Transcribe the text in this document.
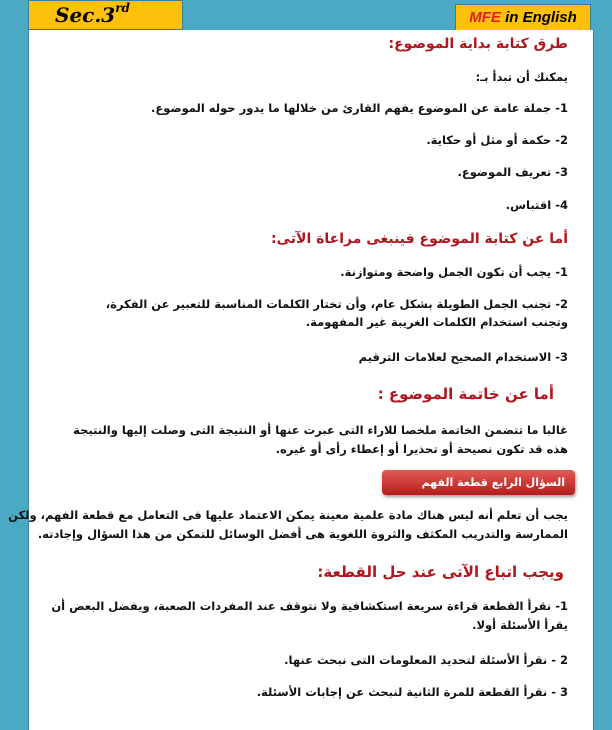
Sec.3rd
MFE in English
طرق كتابة بداية الموضوع:
يمكنك أن تبدأ بـ:
1- جملة عامة عن الموضوع يفهم القارئ من خلالها ما يدور حوله الموضوع.
2- حكمة أو مثل أو حكاية.
3- تعريف الموضوع.
4- اقتباس.
أما عن كتابة الموضوع فينبغى مراعاة الآتى:
1- يجب أن تكون الجمل واضحة ومتوازنة.
2- تجنب الجمل الطويلة بشكل عام، وأن تختار الكلمات المناسبة للتعبير عن الفكرة،
وتجنب استخدام الكلمات الغريبة غير المفهومة.
3- الاستخدام الصحيح لعلامات الترقيم
أما عن خاتمة الموضوع :
غالبا ما تتضمن الخاتمة ملخصا للاراء التى عبرت عنها أو النتيجة التى وصلت إليها والنتيجة
هذه قد تكون نصيحة أو تحذيرا أو إعطاء رأى أو غيره.
السؤال الرابع قطعة الفهم
يجب أن تعلم أنه ليس هناك مادة علمية معينة يمكن الاعتماد عليها فى التعامل مع قطعة الفهم، ولكن
الممارسة والتدريب المكثف والثروة اللغوية هى أفضل الوسائل للتمكن من هذا السؤال وإجادته.
ويجب اتباع الآتى عند حل القطعة:
1- نقرأ القطعة قراءة سريعة استكشافية ولا نتوقف عند المفردات الصعبة، ويفضل البعض أن
يقرأ الأسئلة أولا.
2 - نقرأ الأسئلة لتحديد المعلومات التى نبحث عنها.
3 - نقرأ القطعة للمرة الثانية لنبحث عن إجابات الأسئلة.
